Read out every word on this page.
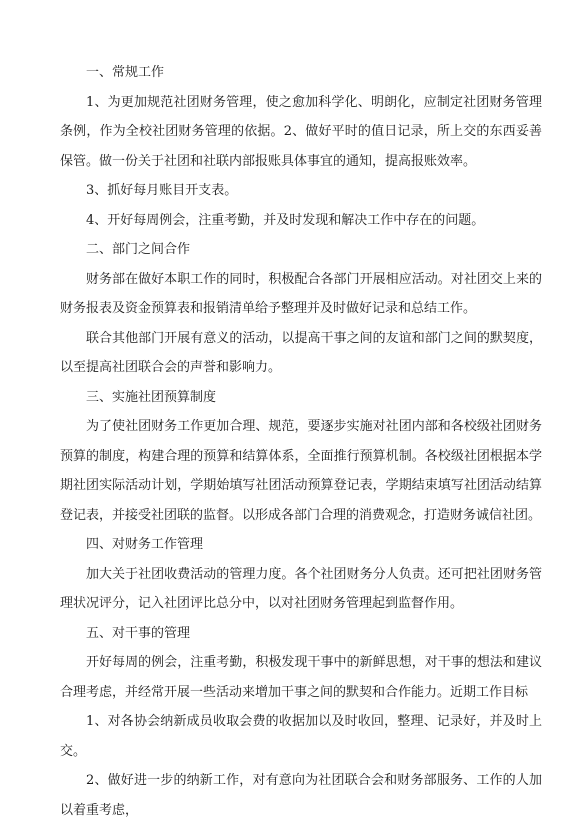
一、常规工作

1、为更加规范社团财务管理，使之愈加科学化、明朗化，应制定社团财务管理条例，作为全校社团财务管理的依据。2、做好平时的值日记录，所上交的东西妥善保管。做一份关于社团和社联内部报账具体事宜的通知，提高报账效率。

3、抓好每月账目开支表。

4、开好每周例会，注重考勤，并及时发现和解决工作中存在的问题。

二、部门之间合作

财务部在做好本职工作的同时，积极配合各部门开展相应活动。对社团交上来的财务报表及资金预算表和报销清单给予整理并及时做好记录和总结工作。

联合其他部门开展有意义的活动，以提高干事之间的友谊和部门之间的默契度，以至提高社团联合会的声誉和影响力。

三、实施社团预算制度

为了使社团财务工作更加合理、规范，要逐步实施对社团内部和各校级社团财务预算的制度，构建合理的预算和结算体系，全面推行预算机制。各校级社团根据本学期社团实际活动计划，学期始填写社团活动预算登记表，学期结束填写社团活动结算登记表，并接受社团联的监督。以形成各部门合理的消费观念，打造财务诚信社团。

四、对财务工作管理

加大关于社团收费活动的管理力度。各个社团财务分人负责。还可把社团财务管理状况评分，记入社团评比总分中，以对社团财务管理起到监督作用。

五、对干事的管理

开好每周的例会，注重考勤，积极发现干事中的新鲜思想，对干事的想法和建议合理考虑，并经常开展一些活动来增加干事之间的默契和合作能力。近期工作目标

1、对各协会纳新成员收取会费的收据加以及时收回，整理、记录好，并及时上交。

2、做好进一步的纳新工作，对有意向为社团联合会和财务部服务、工作的人加以着重考虑，
